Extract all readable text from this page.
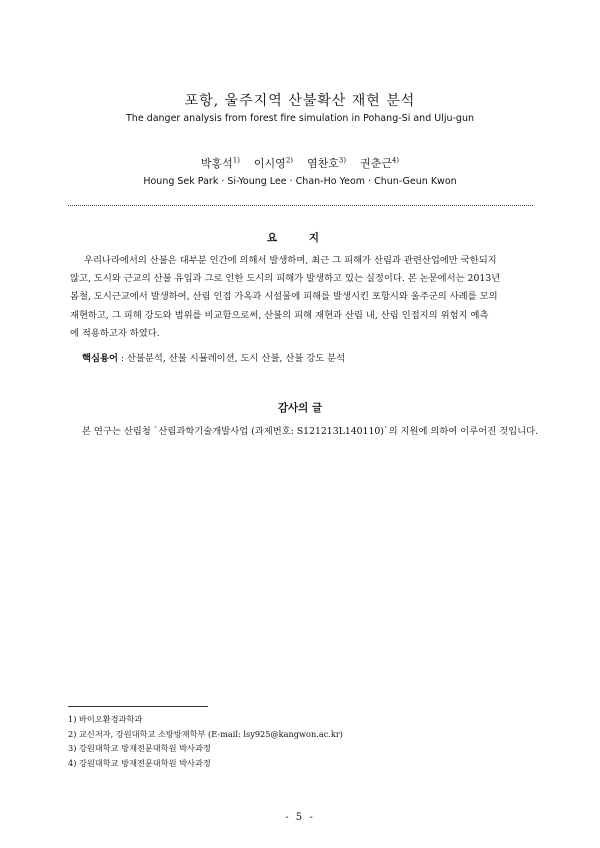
포항, 울주지역 산불확산 재현 분석
The danger analysis from forest fire simulation in Pohang-Si and Ulju-gun
박홍석$^{1)}$ 이시영$^{2)}$ 염찬호$^{3)}$ 권춘근$^{4)}$
Houng Sek Park · Si-Young Lee · Chan-Ho Yeom · Chun-Geun Kwon
요 지
우리나라에서의 산불은 대부분 인간에 의해서 발생하며, 최근 그 피해가 산림과 관련산업에만 국한되지
않고, 도시와 근교의 산불 유입과 그로 인한 도시의 피해가 발생하고 있는 실정이다. 본 논문에서는 2013년
봄철, 도시근교에서 발생하여, 산림 인접 가옥과 시설물에 피해를 발생시킨 포항시와 울주군의 사례를 모의
재현하고, 그 피해 강도와 범위를 비교함으로써, 산불의 피해 재현과 산림 내, 산림 인접지의 위험지 예측
에 적용하고자 하였다.
핵심용어 : 산불분석, 산불 시뮬레이션, 도시 산불, 산불 강도 분석
감사의 글
본 연구는 산림청 `산림과학기술개발사업 (과제번호: S121213L140110)`의 지원에 의하여 이루어진 것입니다.
1) 바이오환경과학과
2) 교신저자, 강원대학교 소방방재학부 (E-mail: lsy925@kangwon.ac.kr)
3) 강원대학교 방재전문대학원 박사과정
4) 강원대학교 방재전문대학원 박사과정
- 5 -
